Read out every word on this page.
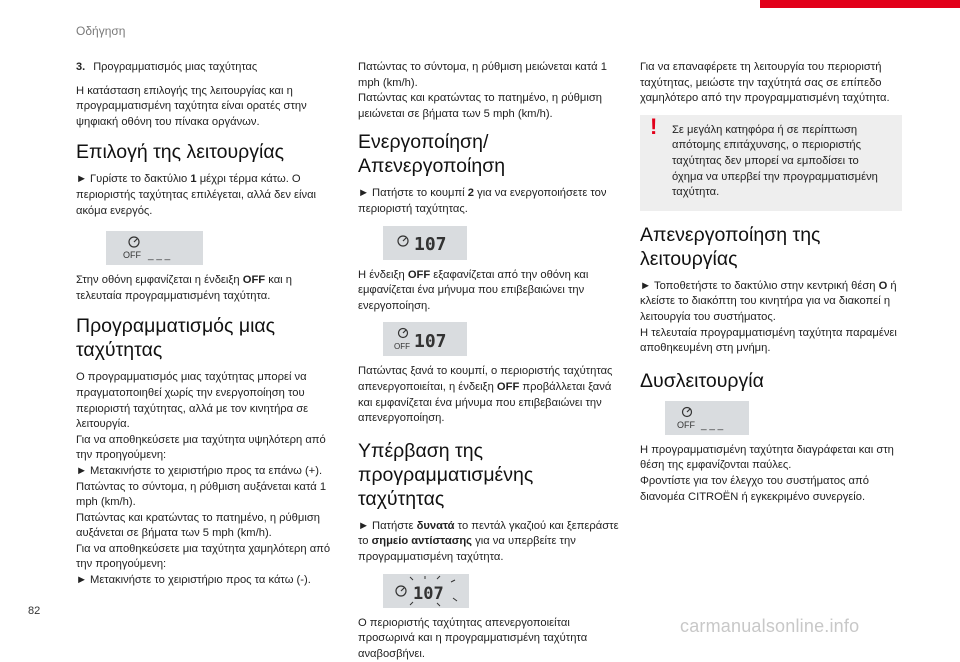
Οδήγηση
3. Προγραμματισμός μιας ταχύτητας

Η κατάσταση επιλογής της λειτουργίας και η προγραμματισμένη ταχύτητα είναι ορατές στην ψηφιακή οθόνη του πίνακα οργάνων.

Επιλογή της λειτουργίας

► Γυρίστε το δακτύλιο 1 μέχρι τέρμα κάτω. Ο περιοριστής ταχύτητας επιλέγεται, αλλά δεν είναι ακόμα ενεργός.

OFF _ _ _

Στην οθόνη εμφανίζεται η ένδειξη OFF και η τελευταία προγραμματισμένη ταχύτητα.

Προγραμματισμός μιας ταχύτητας

Ο προγραμματισμός μιας ταχύτητας μπορεί να πραγματοποιηθεί χωρίς την ενεργοποίηση του περιοριστή ταχύτητας, αλλά με τον κινητήρα σε λειτουργία.

Για να αποθηκεύσετε μια ταχύτητα υψηλότερη από την προηγούμενη:

► Μετακινήστε το χειριστήριο προς τα επάνω (+).

Πατώντας το σύντομα, η ρύθμιση αυξάνεται κατά 1 mph (km/h).

Πατώντας και κρατώντας το πατημένο, η ρύθμιση αυξάνεται σε βήματα των 5 mph (km/h).

Για να αποθηκεύσετε μια ταχύτητα χαμηλότερη από την προηγούμενη:

► Μετακινήστε το χειριστήριο προς τα κάτω (-).

Πατώντας το σύντομα, η ρύθμιση μειώνεται κατά 1 mph (km/h).

Πατώντας και κρατώντας το πατημένο, η ρύθμιση μειώνεται σε βήματα των 5 mph (km/h).

Ενεργοποίηση/ Απενεργοποίηση

► Πατήστε το κουμπί 2 για να ενεργοποιήσετε τον περιοριστή ταχύτητας.

107

Η ένδειξη OFF εξαφανίζεται από την οθόνη και εμφανίζεται ένα μήνυμα που επιβεβαιώνει την ενεργοποίηση.

OFF 107

Πατώντας ξανά το κουμπί, ο περιοριστής ταχύτητας απενεργοποιείται, η ένδειξη OFF προβάλλεται ξανά και εμφανίζεται ένα μήνυμα που επιβεβαιώνει την απενεργοποίηση.

Υπέρβαση της προγραμματισμένης ταχύτητας

► Πατήστε δυνατά το πεντάλ γκαζιού και ξεπεράστε το σημείο αντίστασης για να υπερβείτε την προγραμματισμένη ταχύτητα.

107

Ο περιοριστής ταχύτητας απενεργοποιείται προσωρινά και η προγραμματισμένη ταχύτητα αναβοσβήνει.

Για να επαναφέρετε τη λειτουργία του περιοριστή ταχύτητας, μειώστε την ταχύτητά σας σε επίπεδο χαμηλότερο από την προγραμματισμένη ταχύτητα.

!	Σε μεγάλη κατηφόρα ή σε περίπτωση απότομης επιτάχυνσης, ο περιοριστής ταχύτητας δεν μπορεί να εμποδίσει το όχημα να υπερβεί την προγραμματισμένη ταχύτητα.

Απενεργοποίηση της λειτουργίας

► Τοποθετήστε το δακτύλιο στην κεντρική θέση O ή κλείστε το διακόπτη του κινητήρα για να διακοπεί η λειτουργία του συστήματος.

Η τελευταία προγραμματισμένη ταχύτητα παραμένει αποθηκευμένη στη μνήμη.

Δυσλειτουργία
OFF _ _ _

Η προγραμματισμένη ταχύτητα διαγράφεται και στη θέση της εμφανίζονται παύλες.

Φροντίστε για τον έλεγχο του συστήματος από διανομέα CITROËN ή εγκεκριμένο συνεργείο.

82
carmanualsonline.info
